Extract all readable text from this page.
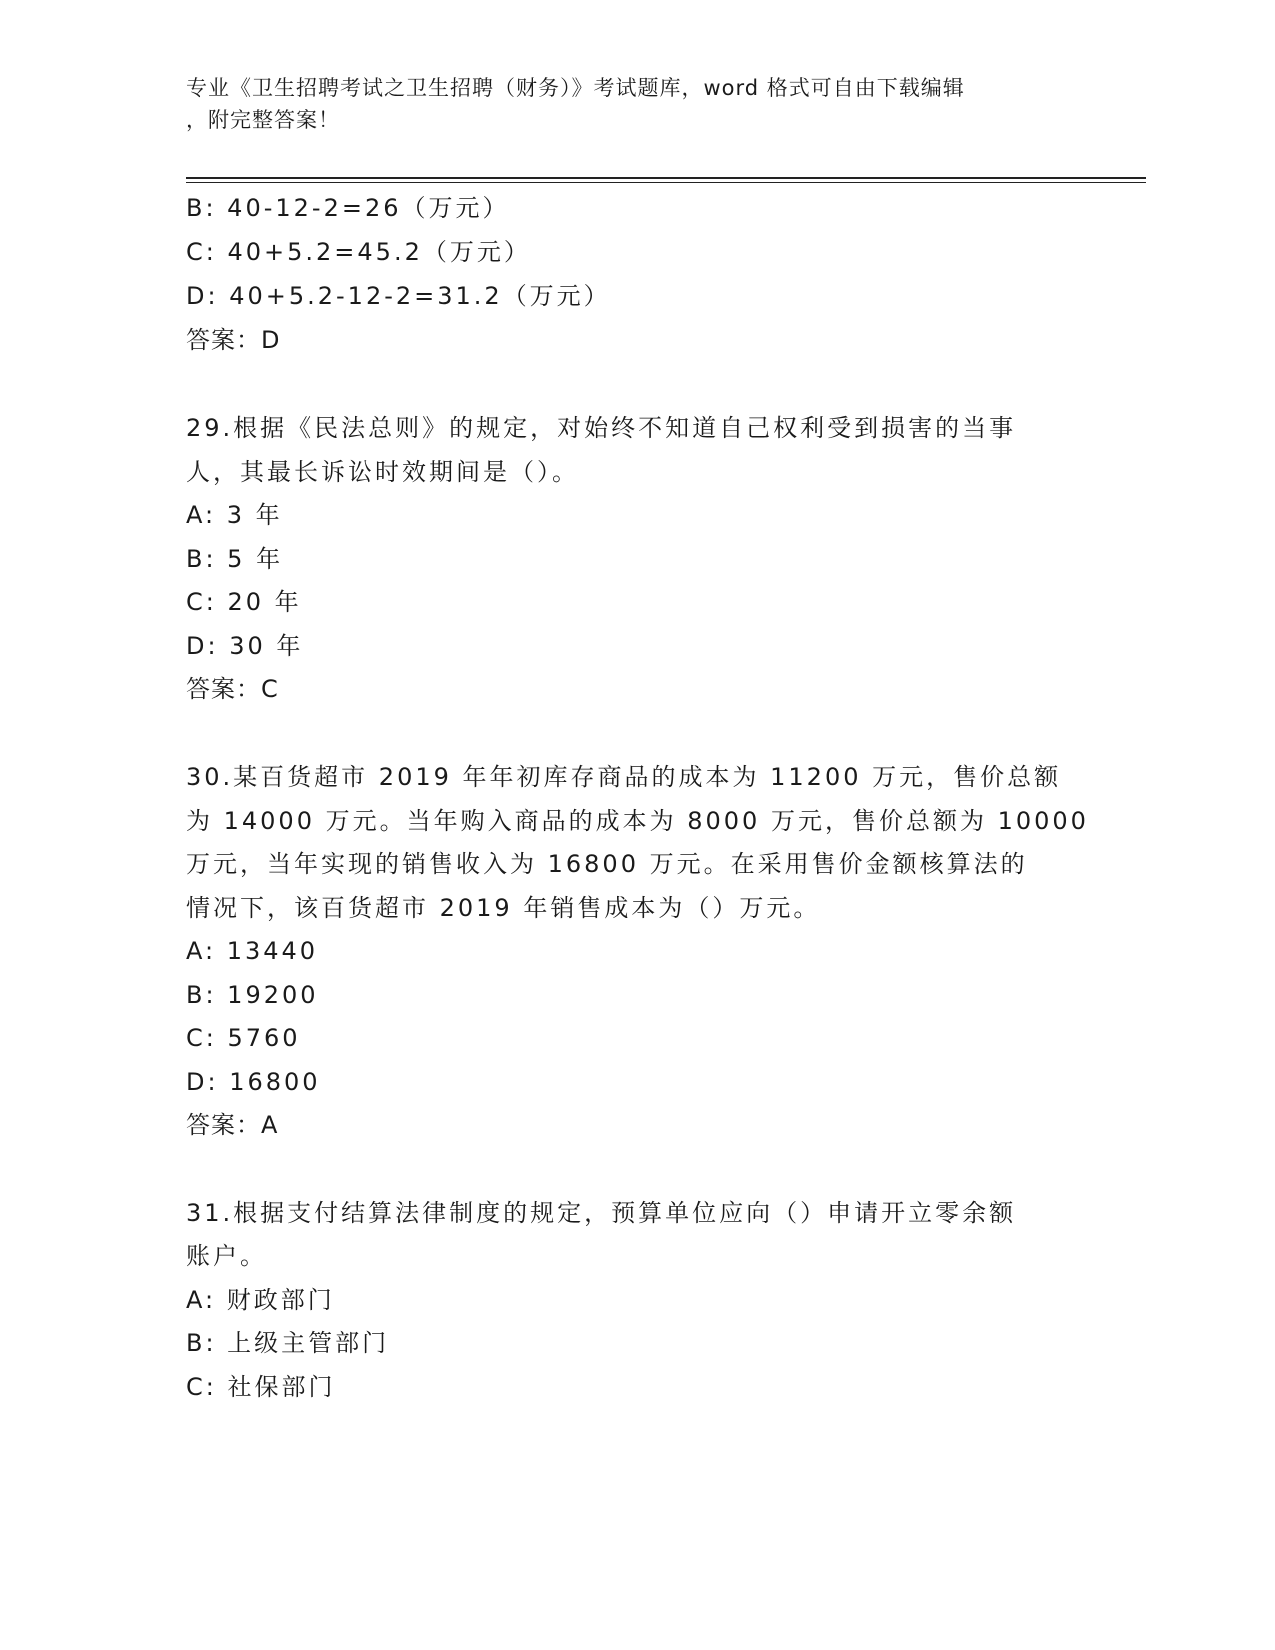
专业《卫生招聘考试之卫生招聘（财务）》考试题库，word 格式可自由下载编辑
，附完整答案！
B: 40-12-2=26（万元）
C: 40+5.2=45.2（万元）
D: 40+5.2-12-2=31.2（万元）
答案：D
29.根据《民法总则》的规定，对始终不知道自己权利受到损害的当事
人，其最长诉讼时效期间是（）。
A: 3 年
B: 5 年
C: 20 年
D: 30 年
答案：C
30.某百货超市 2019 年年初库存商品的成本为 11200 万元，售价总额
为 14000 万元。当年购入商品的成本为 8000 万元，售价总额为 10000
万元，当年实现的销售收入为 16800 万元。在采用售价金额核算法的
情况下，该百货超市 2019 年销售成本为（）万元。
A: 13440
B: 19200
C: 5760
D: 16800
答案：A
31.根据支付结算法律制度的规定，预算单位应向（）申请开立零余额
账户。
A: 财政部门
B: 上级主管部门
C: 社保部门
